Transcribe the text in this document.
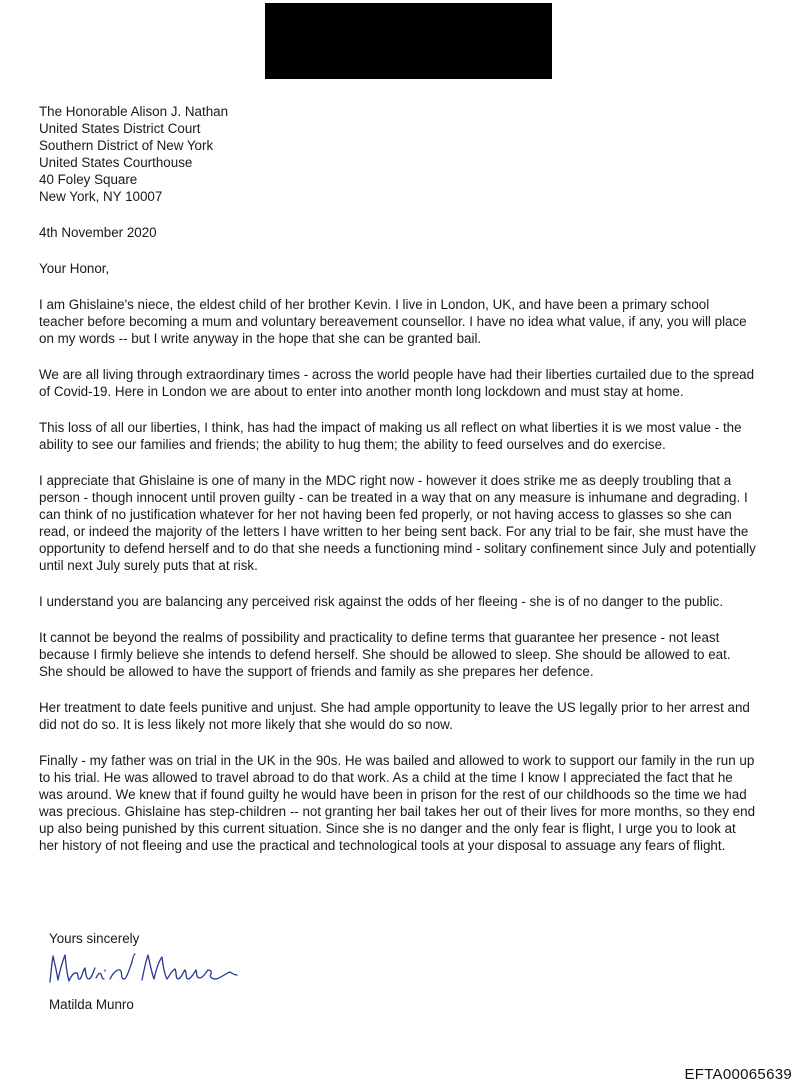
The Honorable Alison J. Nathan
United States District Court
Southern District of New York
United States Courthouse
40 Foley Square
New York, NY 10007
4th November 2020
Your Honor,
I am Ghislaine's niece, the eldest child of her brother Kevin. I live in London, UK, and have been a primary school teacher before becoming a mum and voluntary bereavement counsellor. I have no idea what value, if any, you will place on my words -- but I write anyway in the hope that she can be granted bail.
We are all living through extraordinary times - across the world people have had their liberties curtailed due to the spread of Covid-19. Here in London we are about to enter into another month long lockdown and must stay at home.
This loss of all our liberties, I think, has had the impact of making us all reflect on what liberties it is we most value - the ability to see our families and friends; the ability to hug them; the ability to feed ourselves and do exercise.
I appreciate that Ghislaine is one of many in the MDC right now - however it does strike me as deeply troubling that a person - though innocent until proven guilty - can be treated in a way that on any measure is inhumane and degrading. I can think of no justification whatever for her not having been fed properly, or not having access to glasses so she can read, or indeed the majority of the letters I have written to her being sent back. For any trial to be fair, she must have the opportunity to defend herself and to do that she needs a functioning mind - solitary confinement since July and potentially until next July surely puts that at risk.
I understand you are balancing any perceived risk against the odds of her fleeing - she is of no danger to the public.
It cannot be beyond the realms of possibility and practicality to define terms that guarantee her presence - not least because I firmly believe she intends to defend herself. She should be allowed to sleep. She should be allowed to eat. She should be allowed to have the support of friends and family as she prepares her defence.
Her treatment to date feels punitive and unjust. She had ample opportunity to leave the US legally prior to her arrest and did not do so. It is less likely not more likely that she would do so now.
Finally - my father was on trial in the UK in the 90s. He was bailed and allowed to work to support our family in the run up to his trial. He was allowed to travel abroad to do that work. As a child at the time I know I appreciated the fact that he was around. We knew that if found guilty he would have been in prison for the rest of our childhoods so the time we had was precious. Ghislaine has step-children -- not granting her bail takes her out of their lives for more months, so they end up also being punished by this current situation. Since she is no danger and the only fear is flight, I urge you to look at her history of not fleeing and use the practical and technological tools at your disposal to assuage any fears of flight.
Yours sincerely
Matilda Munro
EFTA00065639
